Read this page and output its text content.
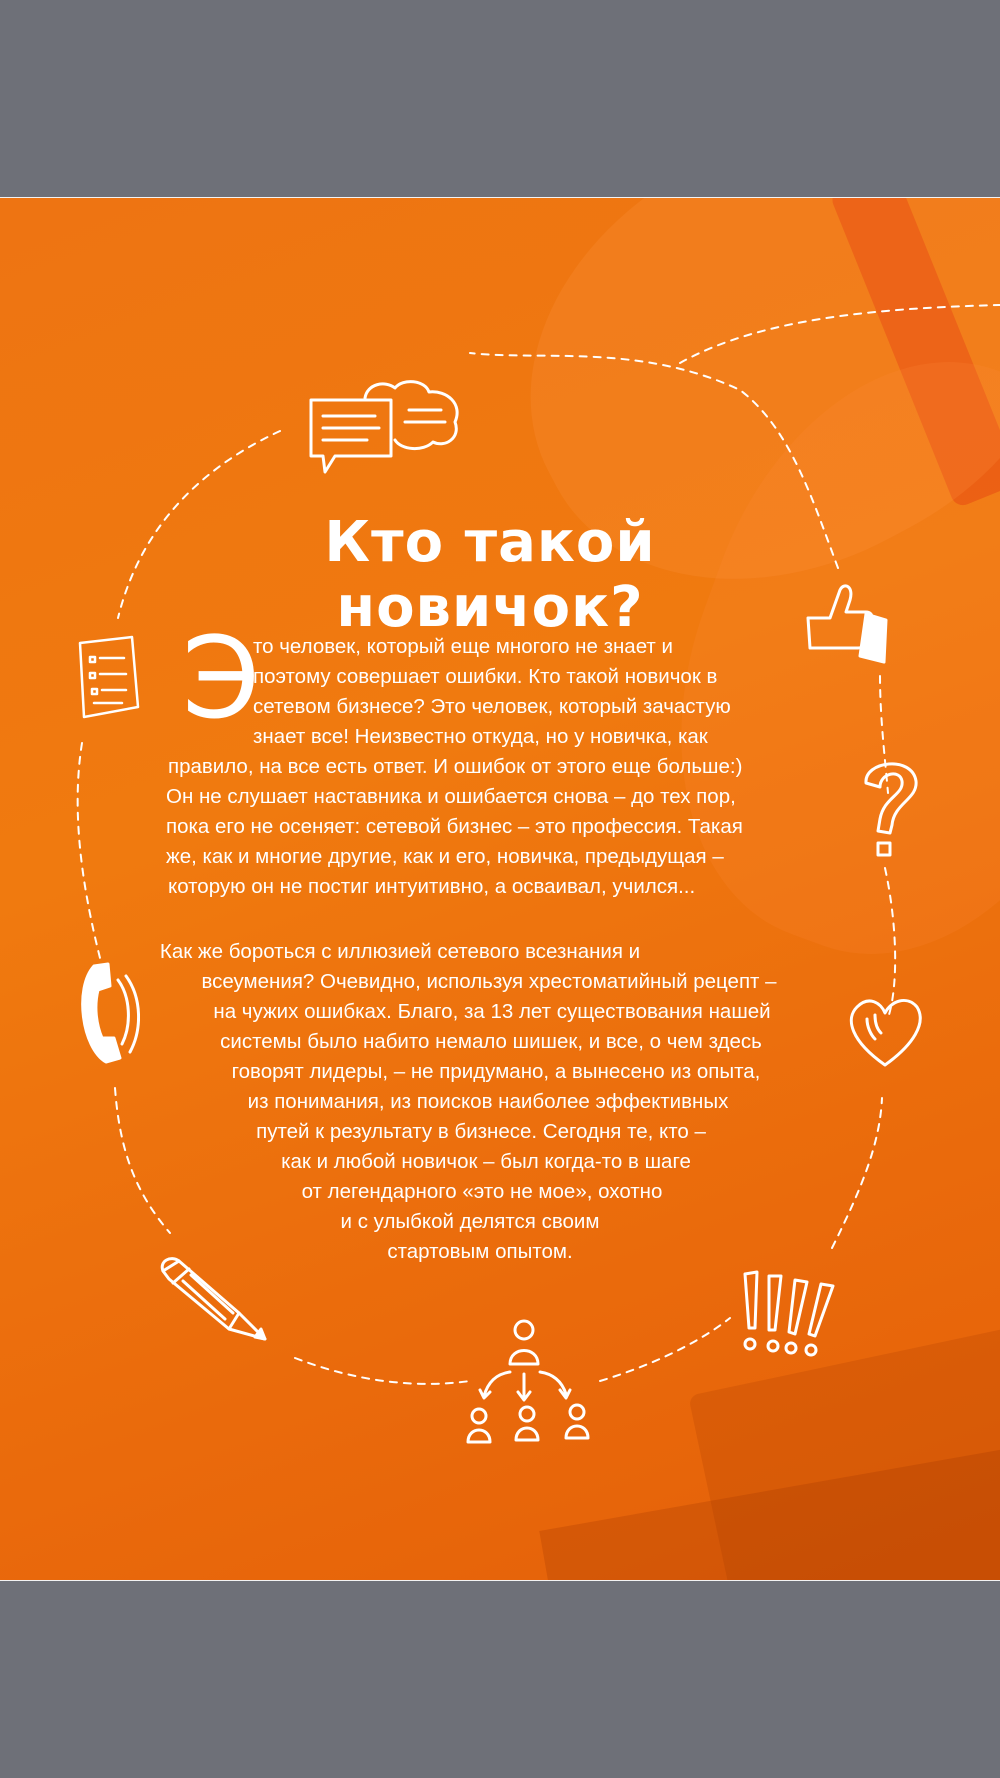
Кто такой новичок?
Э

то человек, который еще многого не знает и

поэтому совершает ошибки. Кто такой новичок в

сетевом бизнесе? Это человек, который зачастую

знает все! Неизвестно откуда, но у новичка, как

правило, на все есть ответ. И ошибок от этого еще больше:)

Он не слушает наставника и ошибается снова – до тех пор,

пока его не осеняет: сетевой бизнес – это профессия. Такая

же, как и многие другие, как и его, новичка, предыдущая –

которую он не постиг интуитивно, а осваивал, учился...

Как же бороться с иллюзией сетевого всезнания и

всеумения? Очевидно, используя хрестоматийный рецепт –

на чужих ошибках. Благо, за 13 лет существования нашей

системы было набито немало шишек, и все, о чем здесь

говорят лидеры, – не придумано, а вынесено из опыта,

из понимания, из поисков наиболее эффективных

путей к результату в бизнесе. Сегодня те, кто –

как и любой новичок – был когда-то в шаге

от легендарного «это не мое», охотно

и с улыбкой делятся своим

стартовым опытом.
